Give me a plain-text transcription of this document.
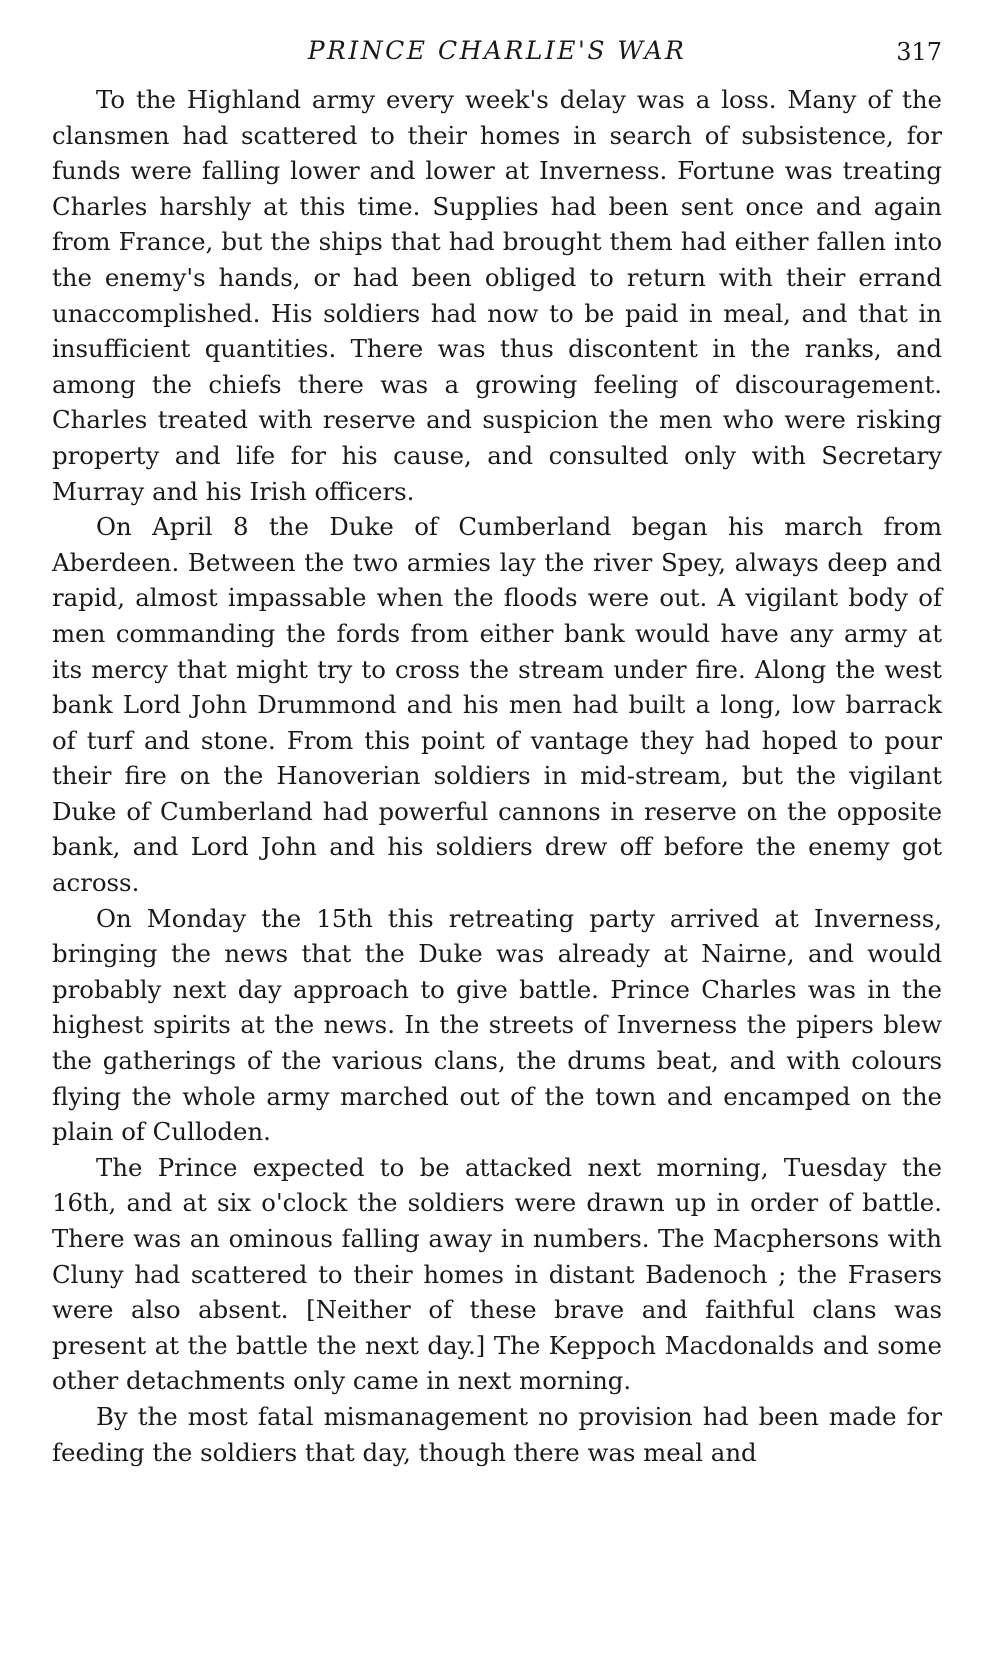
PRINCE CHARLIE'S WAR	317

To the Highland army every week's delay was a loss. Many of the clansmen had scattered to their homes in search of subsistence, for funds were falling lower and lower at Inverness. Fortune was treating Charles harshly at this time. Supplies had been sent once and again from France, but the ships that had brought them had either fallen into the enemy's hands, or had been obliged to return with their errand unaccomplished. His soldiers had now to be paid in meal, and that in insufficient quantities. There was thus discontent in the ranks, and among the chiefs there was a growing feeling of discouragement. Charles treated with reserve and suspicion the men who were risking property and life for his cause, and consulted only with Secretary Murray and his Irish officers.

On April 8 the Duke of Cumberland began his march from Aberdeen. Between the two armies lay the river Spey, always deep and rapid, almost impassable when the floods were out. A vigilant body of men commanding the fords from either bank would have any army at its mercy that might try to cross the stream under fire. Along the west bank Lord John Drummond and his men had built a long, low barrack of turf and stone. From this point of vantage they had hoped to pour their fire on the Hanoverian soldiers in mid-stream, but the vigilant Duke of Cumberland had powerful cannons in reserve on the opposite bank, and Lord John and his soldiers drew off before the enemy got across.

On Monday the 15th this retreating party arrived at Inverness, bringing the news that the Duke was already at Nairne, and would probably next day approach to give battle. Prince Charles was in the highest spirits at the news. In the streets of Inverness the pipers blew the gatherings of the various clans, the drums beat, and with colours flying the whole army marched out of the town and encamped on the plain of Culloden.

The Prince expected to be attacked next morning, Tuesday the 16th, and at six o'clock the soldiers were drawn up in order of battle. There was an ominous falling away in numbers. The Macphersons with Cluny had scattered to their homes in distant Badenoch ; the Frasers were also absent. [Neither of these brave and faithful clans was present at the battle the next day.] The Keppoch Macdonalds and some other detachments only came in next morning.

By the most fatal mismanagement no provision had been made for feeding the soldiers that day, though there was meal and
